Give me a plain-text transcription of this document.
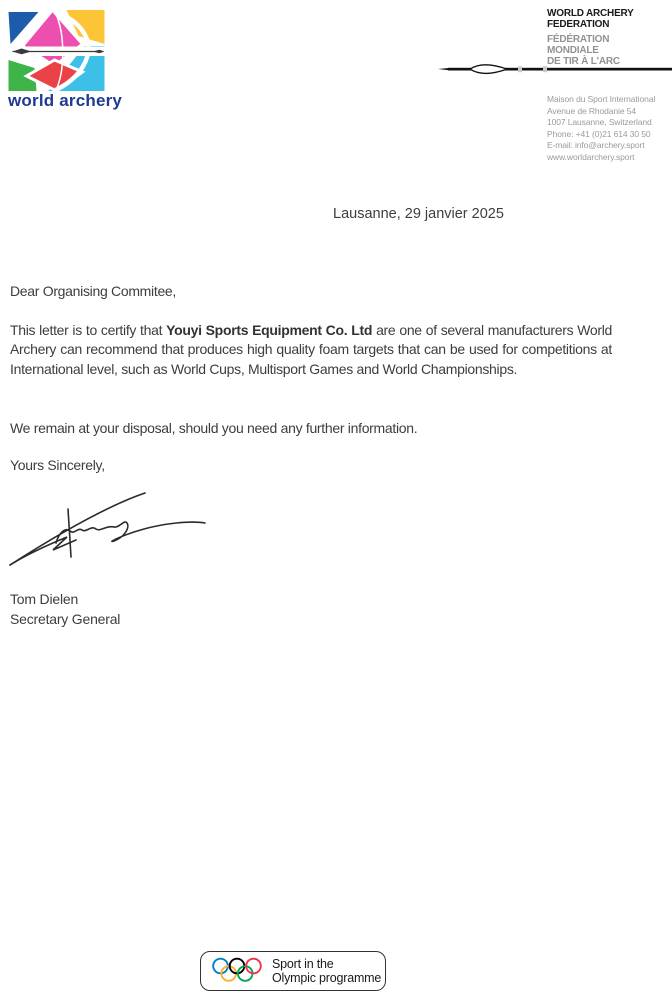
world archery
WORLD ARCHERY
FEDERATION
FÉDÉRATION
MONDIALE
DE TIR À L'ARC
Maison du Sport International
Avenue de Rhodanie 54
1007 Lausanne, Switzerland
Phone: +41 (0)21 614 30 50
E-mail: info@archery.sport
www.worldarchery.sport
Lausanne, 29 janvier 2025
Dear Organising Commitee,

This letter is to certify that Youyi Sports Equipment Co. Ltd are one of several manufacturers World Archery can recommend that produces high quality foam targets that can be used for competitions at International level, such as World Cups, Multisport Games and World Championships.

We remain at your disposal, should you need any further information.
Yours Sincerely,
Tom Dielen
Secretary General
Sport in the
Olympic programme
